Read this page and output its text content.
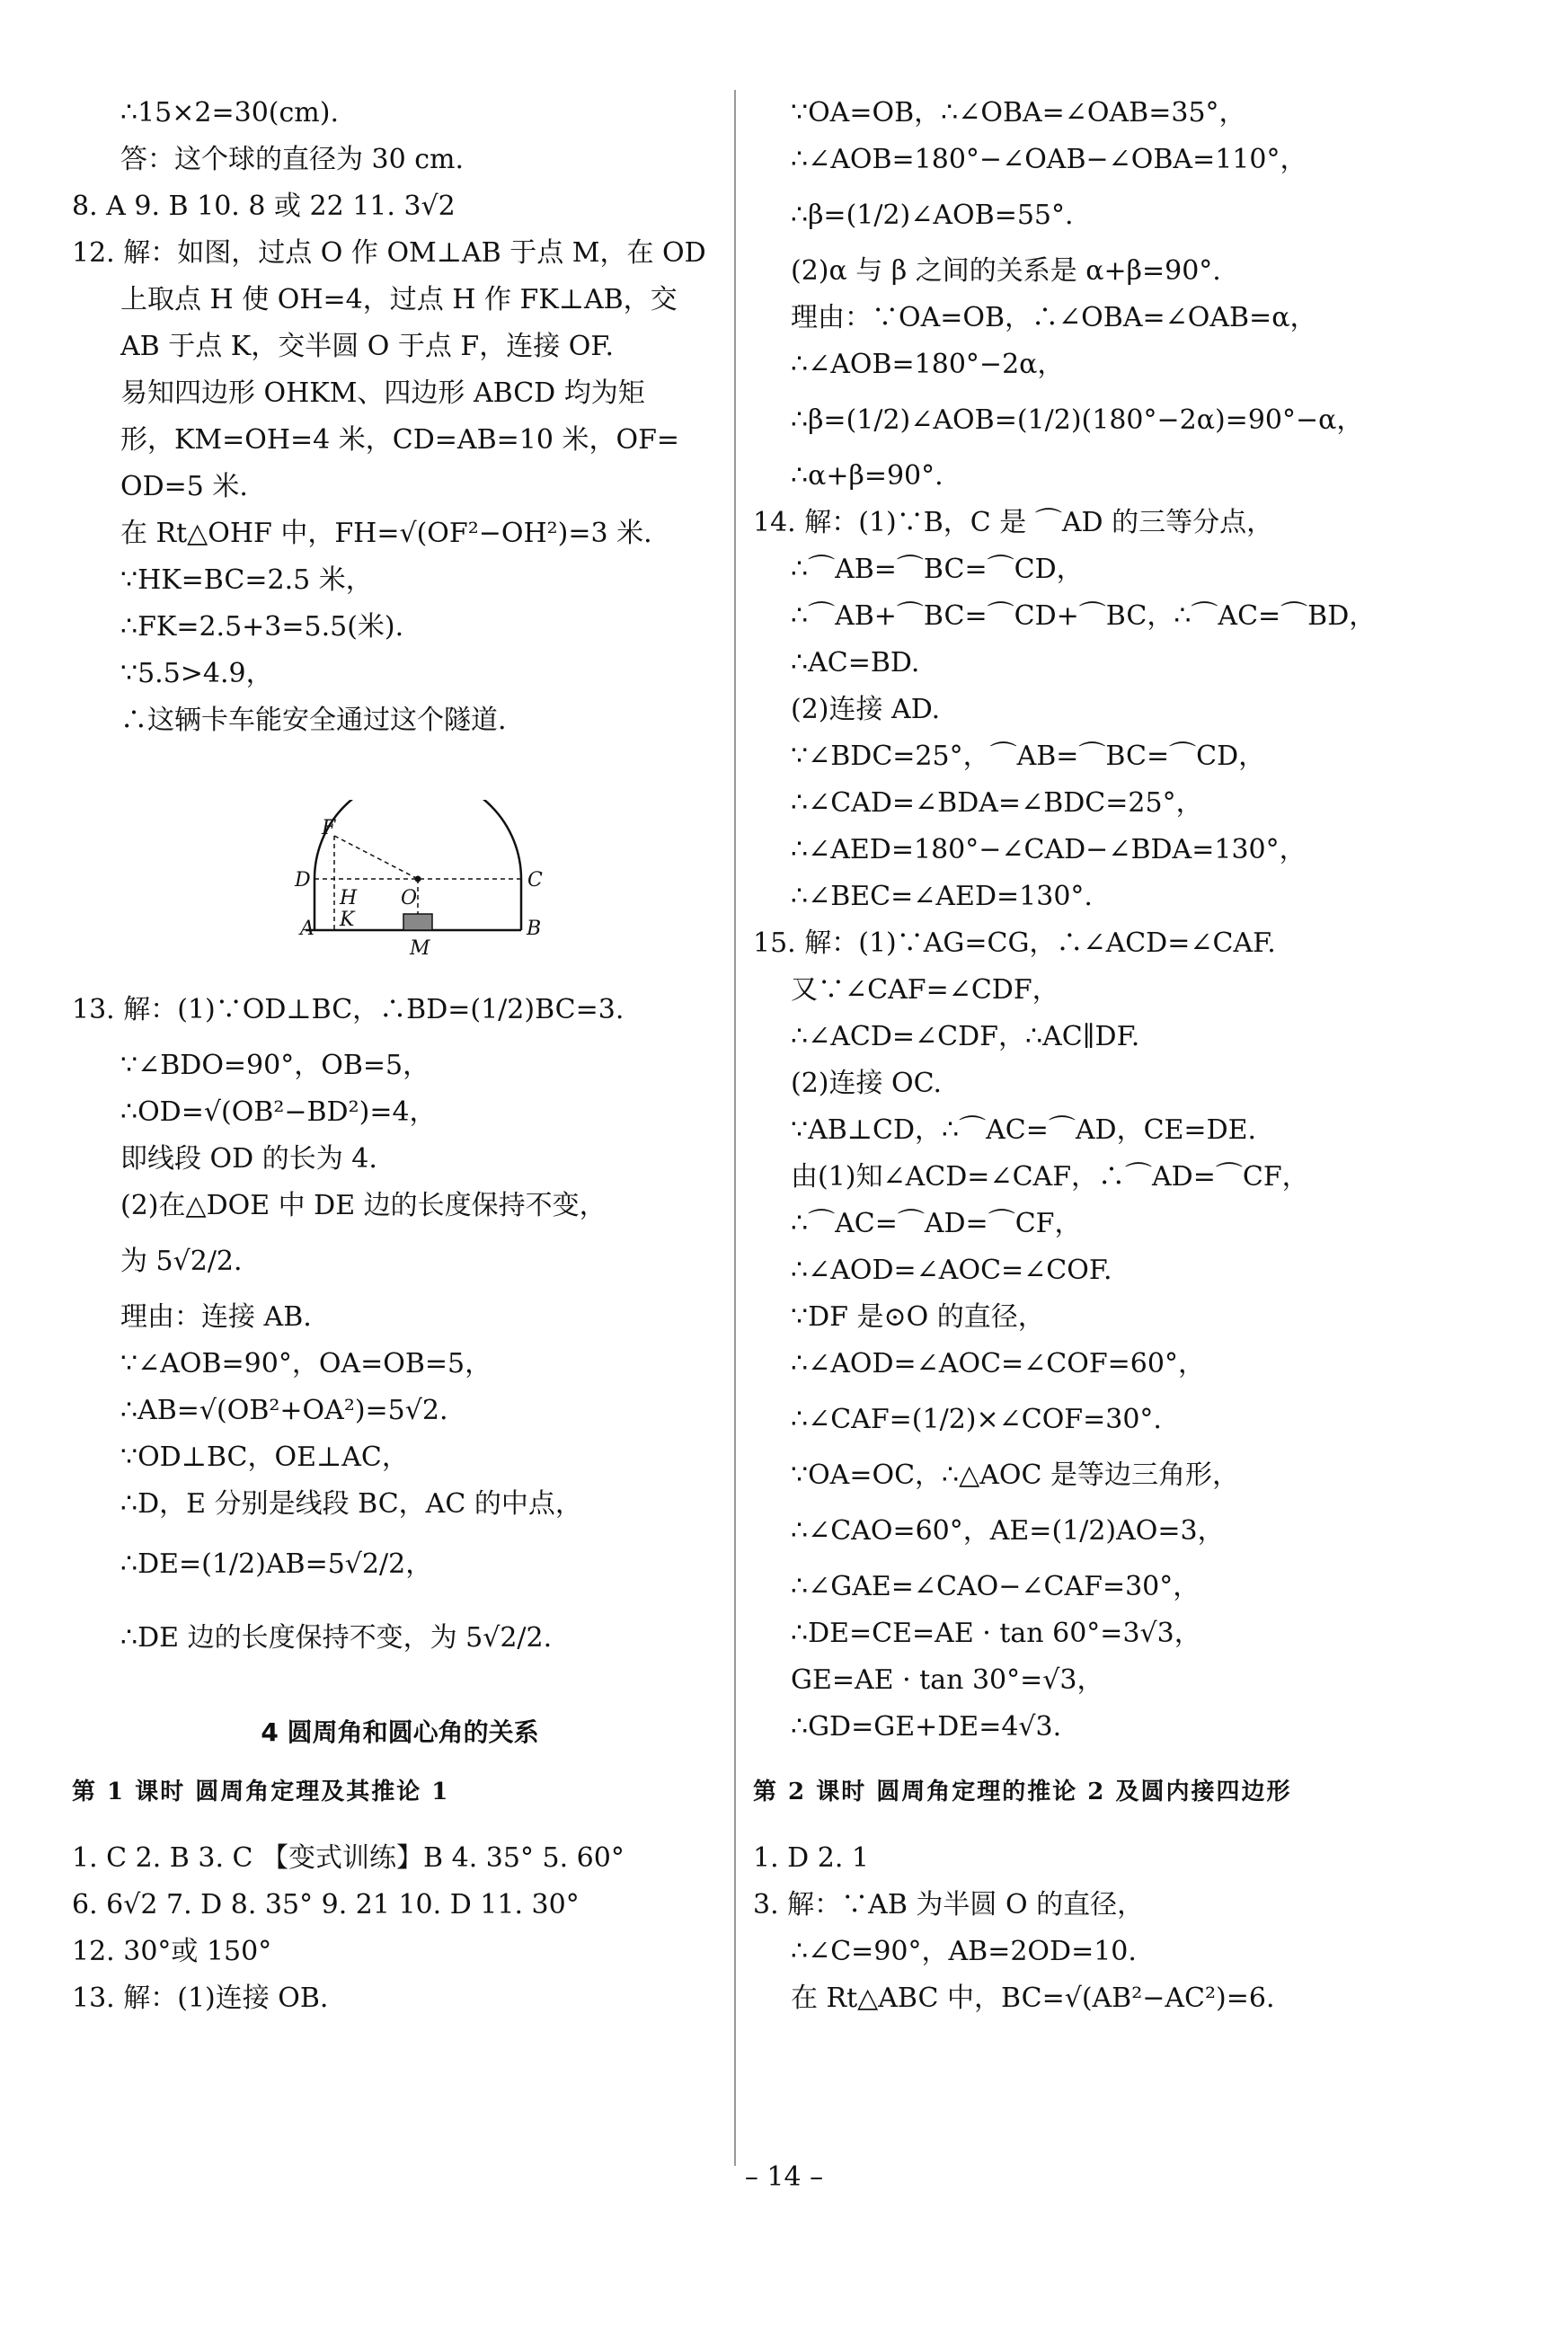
∴15×2=30(cm).
答：这个球的直径为 30 cm.
8. A 9. B 10. 8 或 22 11. 3√2
12. 解：如图，过点 O 作 OM⊥AB 于点 M，在 OD
上取点 H 使 OH=4，过点 H 作 FK⊥AB，交
AB 于点 K，交半圆 O 于点 F，连接 OF.
易知四边形 OHKM、四边形 ABCD 均为矩
形，KM=OH=4 米，CD=AB=10 米，OF=
OD=5 米.
在 Rt△OHF 中，FH=√(OF²−OH²)=3 米.
∵HK=BC=2.5 米，
∴FK=2.5+3=5.5(米).
∵5.5>4.9，
∴这辆卡车能安全通过这个隧道.
13. 解：(1)∵OD⊥BC，∴BD=(1/2)BC=3.
∵∠BDO=90°，OB=5，
∴OD=√(OB²−BD²)=4，
即线段 OD 的长为 4.
(2)在△DOE 中 DE 边的长度保持不变，
为 5√2/2.
理由：连接 AB.
∵∠AOB=90°，OA=OB=5，
∴AB=√(OB²+OA²)=5√2.
∵OD⊥BC，OE⊥AC，
∴D，E 分别是线段 BC，AC 的中点，
∴DE=(1/2)AB=5√2/2，
∴DE 边的长度保持不变，为 5√2/2.
4 圆周角和圆心角的关系
第 1 课时 圆周角定理及其推论 1
1. C 2. B 3. C 【变式训练】B 4. 35° 5. 60°
6. 6√2 7. D 8. 35° 9. 21 10. D 11. 30°
12. 30°或 150°
13. 解：(1)连接 OB.
F
D
H O
C
K
A
M
B
∵OA=OB，∴∠OBA=∠OAB=35°，
∴∠AOB=180°−∠OAB−∠OBA=110°，
∴β=(1/2)∠AOB=55°.
(2)α 与 β 之间的关系是 α+β=90°.
理由：∵OA=OB，∴∠OBA=∠OAB=α，
∴∠AOB=180°−2α，
∴β=(1/2)∠AOB=(1/2)(180°−2α)=90°−α，
∴α+β=90°.
14. 解：(1)∵B，C 是 ⌒AD 的三等分点，
∴⌒AB=⌒BC=⌒CD，
∴⌒AB+⌒BC=⌒CD+⌒BC，∴⌒AC=⌒BD，
∴AC=BD.
(2)连接 AD.
∵∠BDC=25°，⌒AB=⌒BC=⌒CD，
∴∠CAD=∠BDA=∠BDC=25°，
∴∠AED=180°−∠CAD−∠BDA=130°，
∴∠BEC=∠AED=130°.
15. 解：(1)∵AG=CG，∴∠ACD=∠CAF.
又∵∠CAF=∠CDF，
∴∠ACD=∠CDF，∴AC∥DF.
(2)连接 OC.
∵AB⊥CD，∴⌒AC=⌒AD，CE=DE.
由(1)知∠ACD=∠CAF，∴⌒AD=⌒CF，
∴⌒AC=⌒AD=⌒CF，
∴∠AOD=∠AOC=∠COF.
∵DF 是⊙O 的直径，
∴∠AOD=∠AOC=∠COF=60°，
∴∠CAF=(1/2)×∠COF=30°.
∵OA=OC，∴△AOC 是等边三角形，
∴∠CAO=60°，AE=(1/2)AO=3，
∴∠GAE=∠CAO−∠CAF=30°，
∴DE=CE=AE · tan 60°=3√3，
GE=AE · tan 30°=√3，
∴GD=GE+DE=4√3.
第 2 课时 圆周角定理的推论 2 及圆内接四边形
1. D 2. 1
3. 解：∵AB 为半圆 O 的直径，
∴∠C=90°，AB=2OD=10.
在 Rt△ABC 中，BC=√(AB²−AC²)=6.
– 14 –
